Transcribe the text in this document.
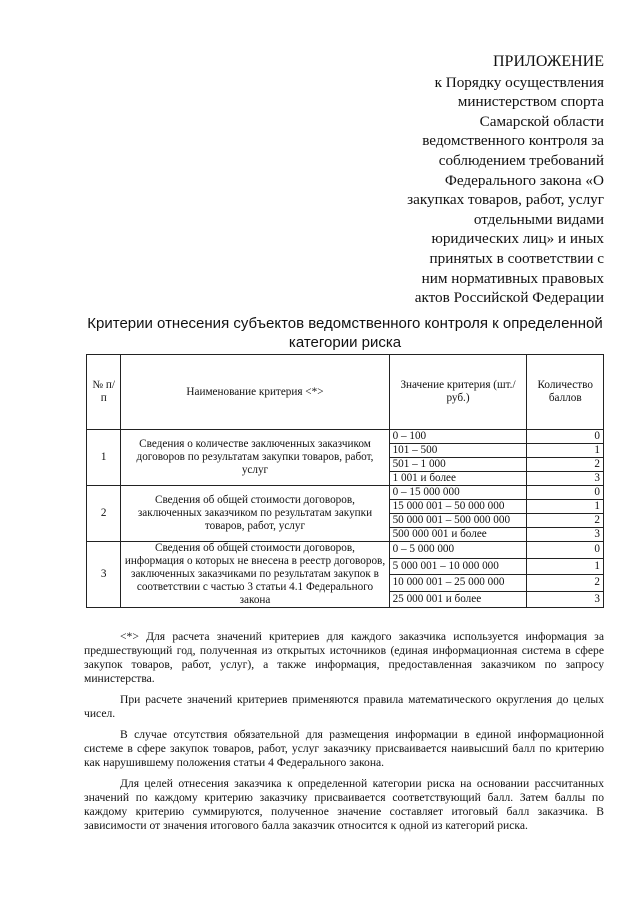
ПРИЛОЖЕНИЕ
к Порядку осуществления
министерством спорта
Самарской области
ведомственного контроля за
соблюдением требований
Федерального закона «О
закупках товаров, работ, услуг
отдельными видами
юридических лиц» и иных
принятых в соответствии с
ним нормативных правовых
актов Российской Федерации
Критерии отнесения субъектов ведомственного контроля к определенной
категории риска
№ п/п	Наименование критерия <*>	Значение критерия (шт./руб.)	Количество баллов
1	Сведения о количестве заключенных заказчиком договоров по результатам закупки товаров, работ, услуг	0 – 100	0
		101 – 500	1
		501 – 1 000	2
		1 001 и более	3
2	Сведения об общей стоимости договоров, заключенных заказчиком по результатам закупки товаров, работ, услуг	0 – 15 000 000	0
		15 000 001 – 50 000 000	1
		50 000 001 – 500 000 000	2
		500 000 001 и более	3
3	Сведения об общей стоимости договоров, информация о которых не внесена в реестр договоров, заключенных заказчиками по результатам закупок в соответствии с частью 3 статьи 4.1 Федерального закона	0 – 5 000 000	0
		5 000 001 – 10 000 000	1
		10 000 001 – 25 000 000	2
		25 000 001 и более	3

<*> Для расчета значений критериев для каждого заказчика используется информация за предшествующий год, полученная из открытых источников (единая информационная система в сфере закупок товаров, работ, услуг), а также информация, предоставленная заказчиком по запросу министерства.

При расчете значений критериев применяются правила математического округления до целых чисел.

В случае отсутствия обязательной для размещения информации в единой информационной системе в сфере закупок товаров, работ, услуг заказчику присваивается наивысший балл по критерию как нарушившему положения статьи 4 Федерального закона.

Для целей отнесения заказчика к определенной категории риска на основании рассчитанных значений по каждому критерию заказчику присваивается соответствующий балл. Затем баллы по каждому критерию суммируются, полученное значение составляет итоговый балл заказчика. В зависимости от значения итогового балла заказчик относится к одной из категорий риска.
